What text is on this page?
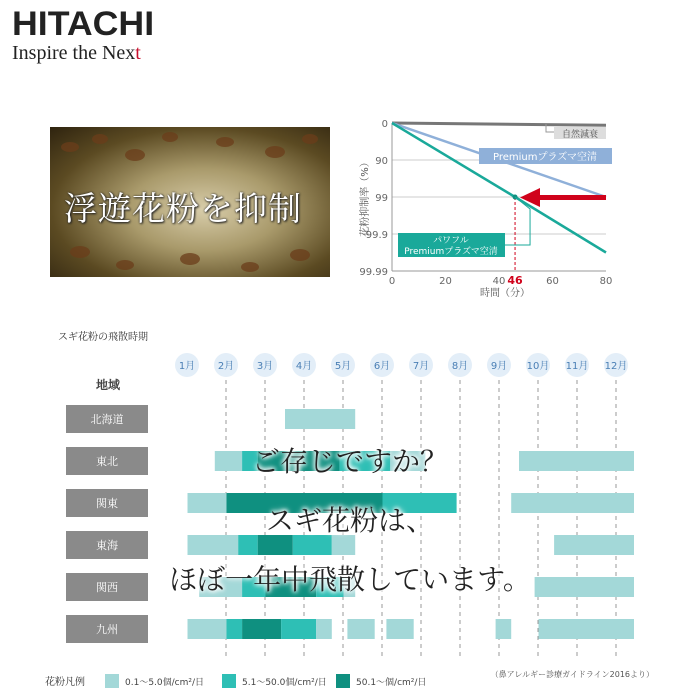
HITACHI
Inspire the Next
浮遊花粉を抑制
0
90
99
99.9
99.99
0	20	40	60	80
時間（分）
花粉抑制率（%）
46
自然減衰
Premiumプラズマ空清
パワフル
Premiumプラズマ空清
スギ花粉の飛散時期
地域
1月 2月 3月 4月 5月 6月 7月 8月 9月 10月 11月 12月
北海道
東北
関東
東海
関西
九州
花粉凡例	0.1～5.0個/cm²/日	5.1～50.0個/cm²/日	50.1～個/cm²/日
（鼻アレルギー診療ガイドライン2016より）
ご存じですか？
スギ花粉は、
ほぼ一年中飛散しています。
